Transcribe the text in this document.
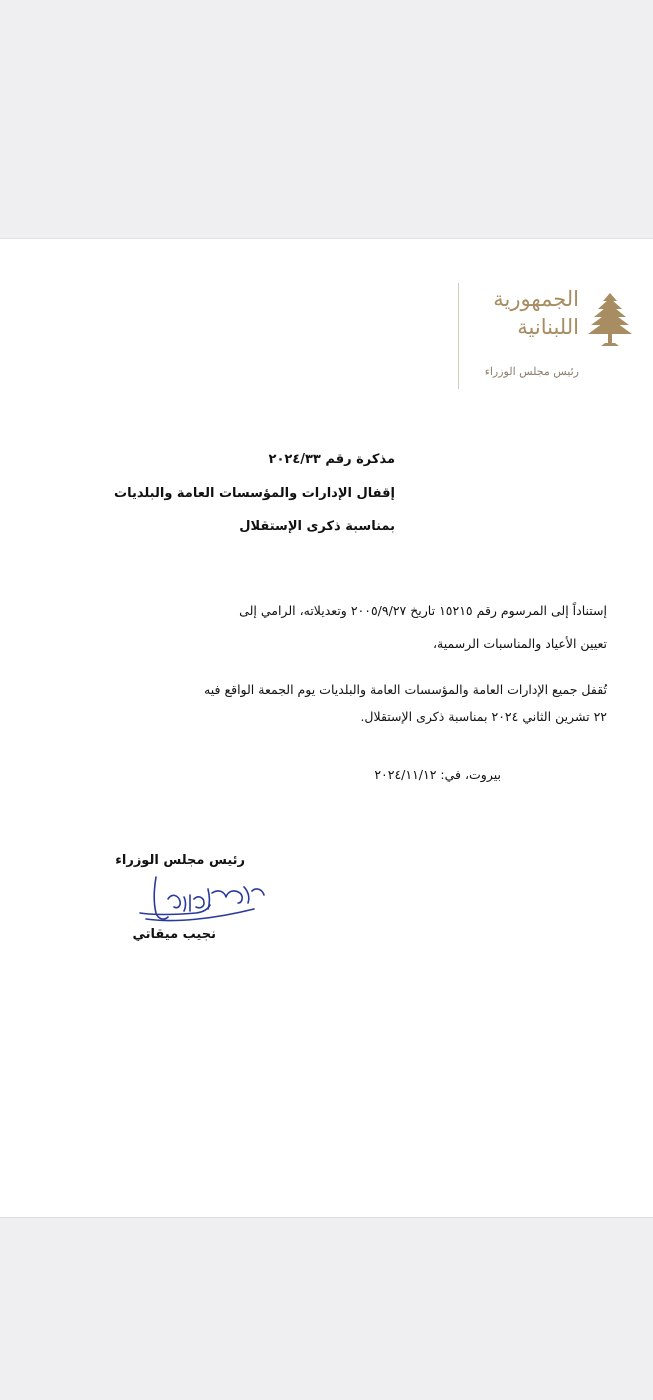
الجمهورية
اللبنانية
رئيس مجلس الوزراء
مذكرة رقم ٢٠٢٤/٣٣
إقفال الإدارات والمؤسسات العامة والبلديات
بمناسبة ذكرى الإستقلال
إستناداً إلى المرسوم رقم ١٥٢١٥ تاريخ ٢٠٠٥/٩/٢٧ وتعديلاته، الرامي إلى
تعيين الأعياد والمناسبات الرسمية،
تُقفل جميع الإدارات العامة والمؤسسات العامة والبلديات يوم الجمعة الواقع فيه
٢٢ تشرين الثاني ٢٠٢٤ بمناسبة ذكرى الإستقلال.
بيروت، في: ٢٠٢٤/١١/١٢
رئيس مجلس الوزراء
نجيب ميقاتي
